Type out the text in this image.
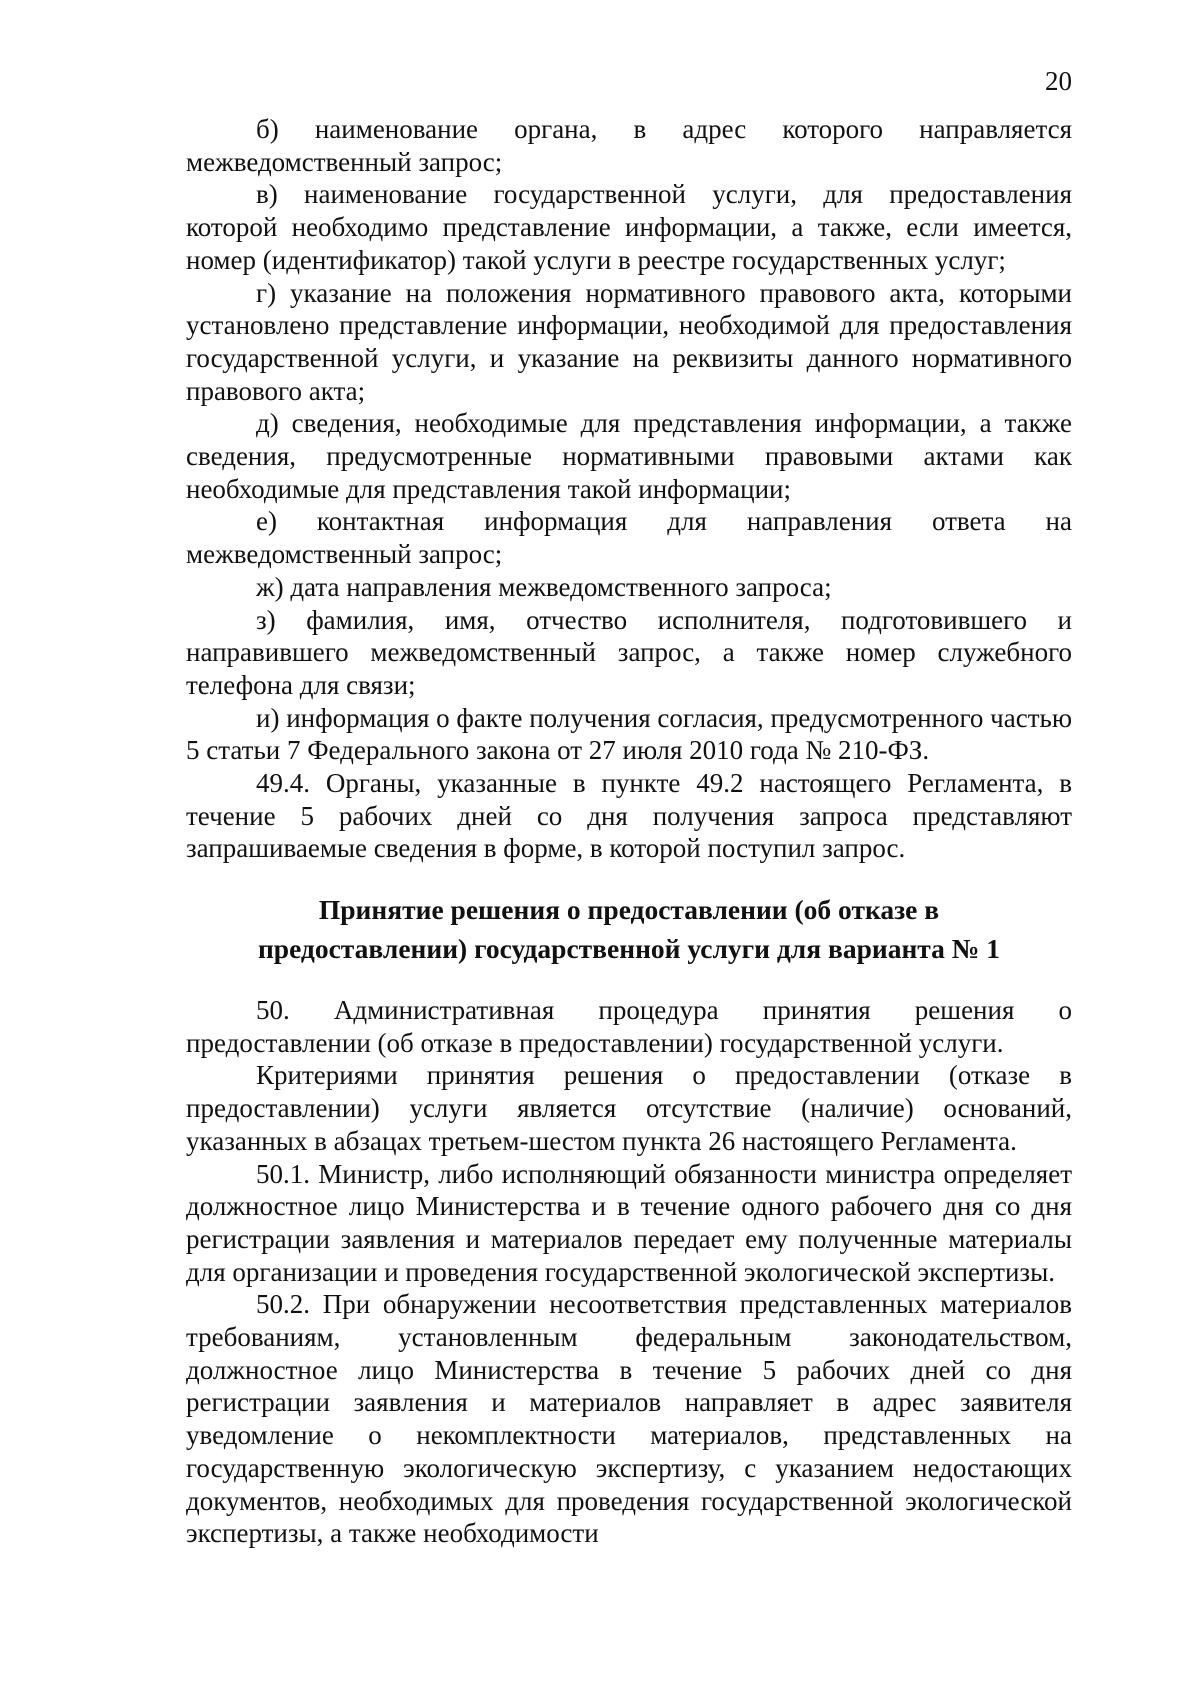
20

б) наименование органа, в адрес которого направляется межведомственный запрос;

в) наименование государственной услуги, для предоставления которой необходимо представление информации, а также, если имеется, номер (идентификатор) такой услуги в реестре государственных услуг;

г) указание на положения нормативного правового акта, которыми установлено представление информации, необходимой для предоставления государственной услуги, и указание на реквизиты данного нормативного правового акта;

д) сведения, необходимые для представления информации, а также сведения, предусмотренные нормативными правовыми актами как необходимые для представления такой информации;

е) контактная информация для направления ответа на межведомственный запрос;

ж) дата направления межведомственного запроса;

з) фамилия, имя, отчество исполнителя, подготовившего и направившего межведомственный запрос, а также номер служебного телефона для связи;

и) информация о факте получения согласия, предусмотренного частью 5 статьи 7 Федерального закона от 27 июля 2010 года № 210-ФЗ.

49.4. Органы, указанные в пункте 49.2 настоящего Регламента, в течение 5 рабочих дней со дня получения запроса представляют запрашиваемые сведения в форме, в которой поступил запрос.

Принятие решения о предоставлении (об отказе в
предоставлении) государственной услуги для варианта № 1

50. Административная процедура принятия решения о предоставлении (об отказе в предоставлении) государственной услуги.

Критериями принятия решения о предоставлении (отказе в предоставлении) услуги является отсутствие (наличие) оснований, указанных в абзацах третьем-шестом пункта 26 настоящего Регламента.

50.1. Министр, либо исполняющий обязанности министра определяет должностное лицо Министерства и в течение одного рабочего дня со дня регистрации заявления и материалов передает ему полученные материалы для организации и проведения государственной экологической экспертизы.

50.2. При обнаружении несоответствия представленных материалов требованиям, установленным федеральным законодательством, должностное лицо Министерства в течение 5 рабочих дней со дня регистрации заявления и материалов направляет в адрес заявителя уведомление о некомплектности материалов, представленных на государственную экологическую экспертизу, с указанием недостающих документов, необходимых для проведения государственной экологической экспертизы, а также необходимости
